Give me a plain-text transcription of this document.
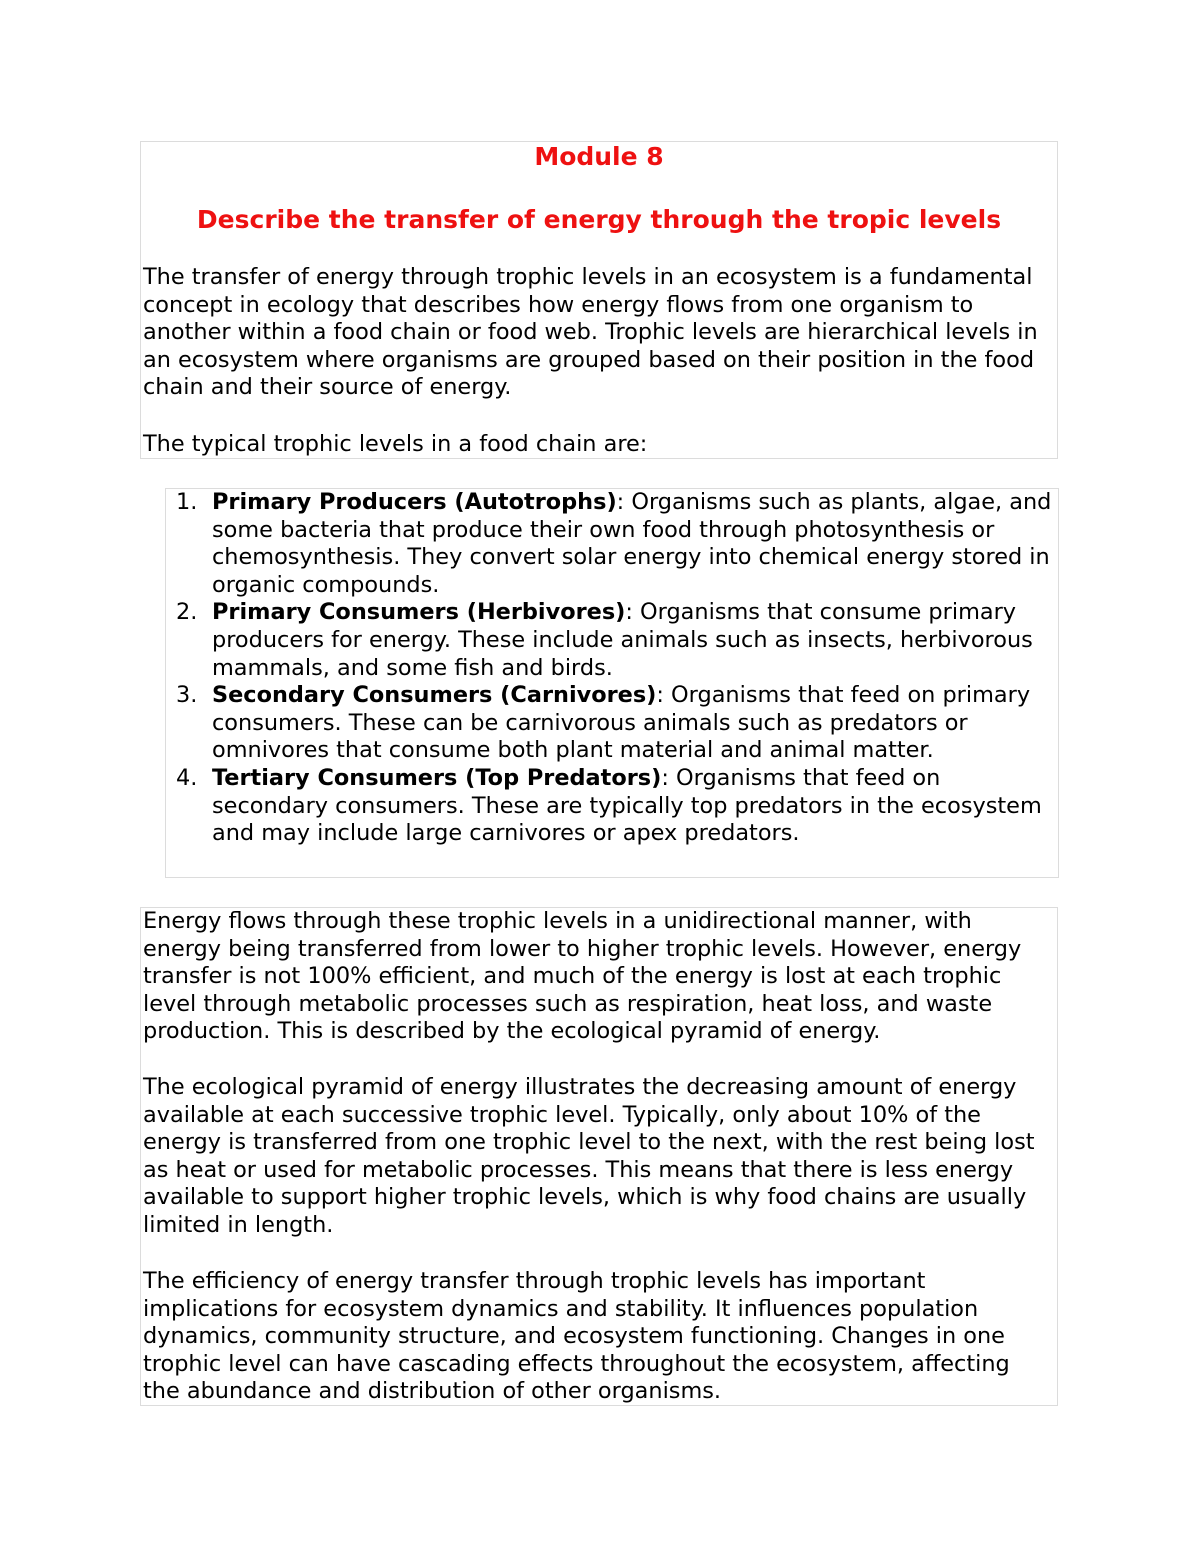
Module 8
Describe the transfer of energy through the tropic levels

The transfer of energy through trophic levels in an ecosystem is a fundamental concept in ecology that describes how energy flows from one organism to another within a food chain or food web. Trophic levels are hierarchical levels in an ecosystem where organisms are grouped based on their position in the food chain and their source of energy.

The typical trophic levels in a food chain are:

1. Primary Producers (Autotrophs): Organisms such as plants, algae, and some bacteria that produce their own food through photosynthesis or chemosynthesis. They convert solar energy into chemical energy stored in organic compounds.
2. Primary Consumers (Herbivores): Organisms that consume primary producers for energy. These include animals such as insects, herbivorous mammals, and some fish and birds.
3. Secondary Consumers (Carnivores): Organisms that feed on primary consumers. These can be carnivorous animals such as predators or omnivores that consume both plant material and animal matter.
4. Tertiary Consumers (Top Predators): Organisms that feed on secondary consumers. These are typically top predators in the ecosystem and may include large carnivores or apex predators.

Energy flows through these trophic levels in a unidirectional manner, with energy being transferred from lower to higher trophic levels. However, energy transfer is not 100% efficient, and much of the energy is lost at each trophic level through metabolic processes such as respiration, heat loss, and waste production. This is described by the ecological pyramid of energy.

The ecological pyramid of energy illustrates the decreasing amount of energy available at each successive trophic level. Typically, only about 10% of the energy is transferred from one trophic level to the next, with the rest being lost as heat or used for metabolic processes. This means that there is less energy available to support higher trophic levels, which is why food chains are usually limited in length.

The efficiency of energy transfer through trophic levels has important implications for ecosystem dynamics and stability. It influences population dynamics, community structure, and ecosystem functioning. Changes in one trophic level can have cascading effects throughout the ecosystem, affecting the abundance and distribution of other organisms.
